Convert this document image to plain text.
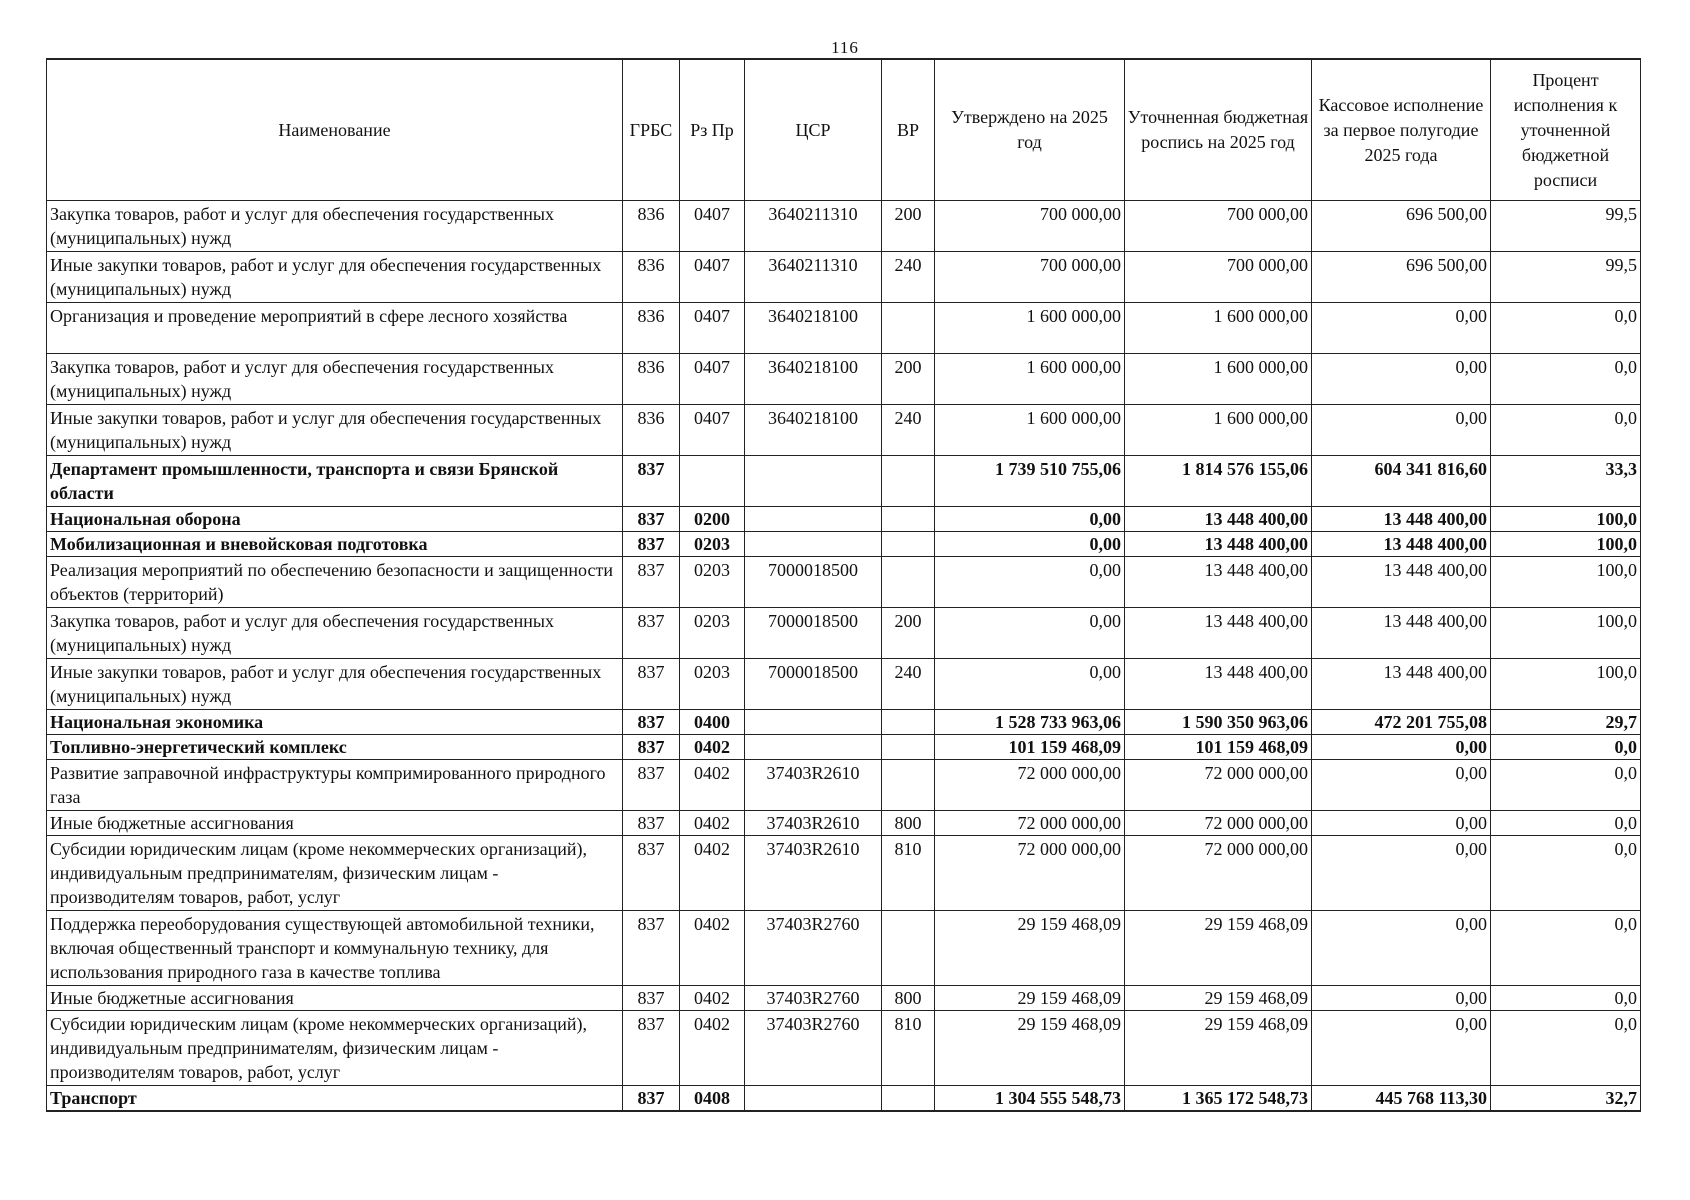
116
Наименование	ГРБС	Рз Пр	ЦСР	ВР	Утверждено на 2025 год	Уточненная бюджетная роспись на 2025 год	Кассовое исполнение за первое полугодие 2025 года	Процент исполнения к уточненной бюджетной росписи
Закупка товаров, работ и услуг для обеспечения государственных (муниципальных) нужд	836	0407	3640211310	200	700 000,00	700 000,00	696 500,00	99,5
Иные закупки товаров, работ и услуг для обеспечения государственных (муниципальных) нужд	836	0407	3640211310	240	700 000,00	700 000,00	696 500,00	99,5
Организация и проведение мероприятий в сфере лесного хозяйства	836	0407	3640218100		1 600 000,00	1 600 000,00	0,00	0,0
Закупка товаров, работ и услуг для обеспечения государственных (муниципальных) нужд	836	0407	3640218100	200	1 600 000,00	1 600 000,00	0,00	0,0
Иные закупки товаров, работ и услуг для обеспечения государственных (муниципальных) нужд	836	0407	3640218100	240	1 600 000,00	1 600 000,00	0,00	0,0
Департамент промышленности, транспорта и связи Брянской области	837				1 739 510 755,06	1 814 576 155,06	604 341 816,60	33,3
Национальная оборона	837	0200			0,00	13 448 400,00	13 448 400,00	100,0
Мобилизационная и вневойсковая подготовка	837	0203			0,00	13 448 400,00	13 448 400,00	100,0
Реализация мероприятий по обеспечению безопасности и защищенности объектов (территорий)	837	0203	7000018500		0,00	13 448 400,00	13 448 400,00	100,0
Закупка товаров, работ и услуг для обеспечения государственных (муниципальных) нужд	837	0203	7000018500	200	0,00	13 448 400,00	13 448 400,00	100,0
Иные закупки товаров, работ и услуг для обеспечения государственных (муниципальных) нужд	837	0203	7000018500	240	0,00	13 448 400,00	13 448 400,00	100,0
Национальная экономика	837	0400			1 528 733 963,06	1 590 350 963,06	472 201 755,08	29,7
Топливно-энергетический комплекс	837	0402			101 159 468,09	101 159 468,09	0,00	0,0
Развитие заправочной инфраструктуры компримированного природного газа	837	0402	37403R2610		72 000 000,00	72 000 000,00	0,00	0,0
Иные бюджетные ассигнования	837	0402	37403R2610	800	72 000 000,00	72 000 000,00	0,00	0,0
Субсидии юридическим лицам (кроме некоммерческих организаций), индивидуальным предпринимателям, физическим лицам - производителям товаров, работ, услуг	837	0402	37403R2610	810	72 000 000,00	72 000 000,00	0,00	0,0
Поддержка переоборудования существующей автомобильной техники, включая общественный транспорт и коммунальную технику, для использования природного газа в качестве топлива	837	0402	37403R2760		29 159 468,09	29 159 468,09	0,00	0,0
Иные бюджетные ассигнования	837	0402	37403R2760	800	29 159 468,09	29 159 468,09	0,00	0,0
Субсидии юридическим лицам (кроме некоммерческих организаций), индивидуальным предпринимателям, физическим лицам - производителям товаров, работ, услуг	837	0402	37403R2760	810	29 159 468,09	29 159 468,09	0,00	0,0
Транспорт	837	0408			1 304 555 548,73	1 365 172 548,73	445 768 113,30	32,7
